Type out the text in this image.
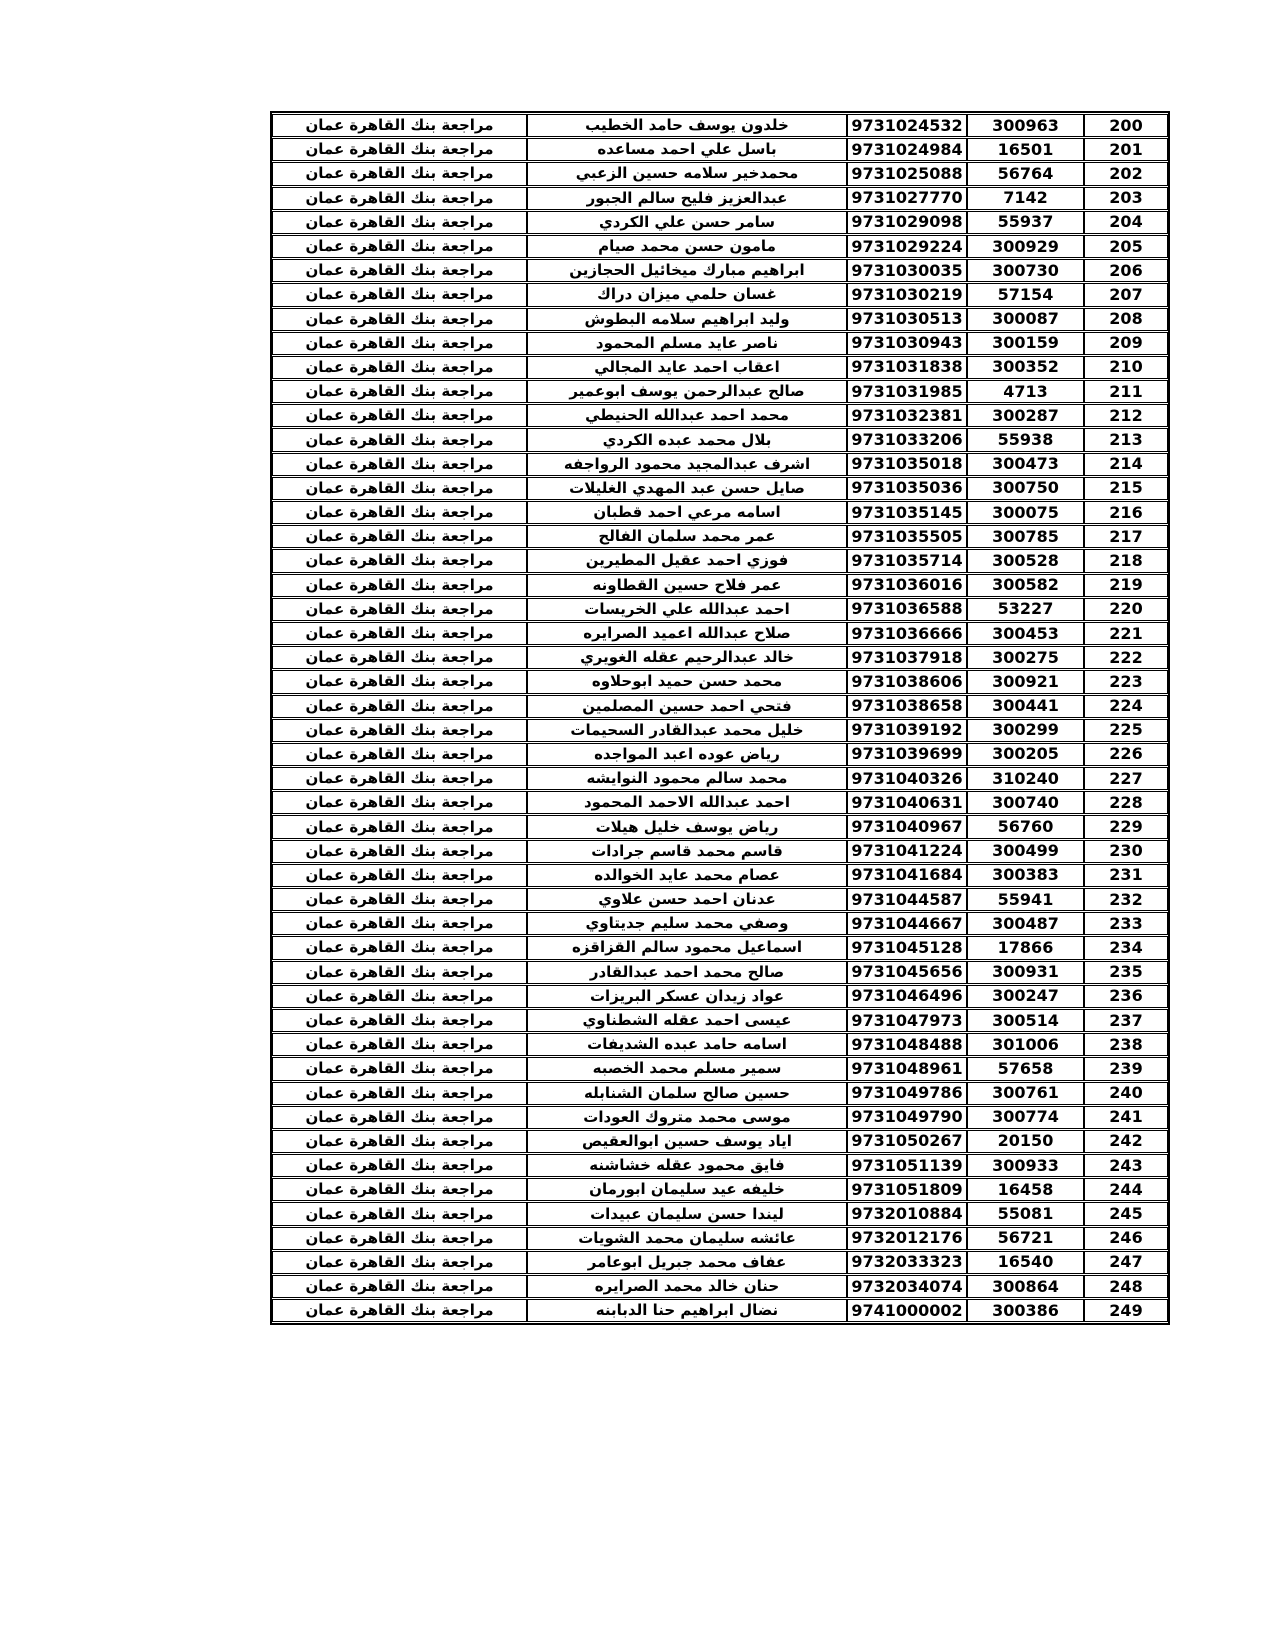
200	300963	9731024532	خلدون يوسف حامد الخطيب	مراجعة بنك القاهرة عمان
201	16501	9731024984	باسل علي احمد مساعده	مراجعة بنك القاهرة عمان
202	56764	9731025088	محمدخير سلامه حسين الزعبي	مراجعة بنك القاهرة عمان
203	7142	9731027770	عبدالعزيز فليح سالم الجبور	مراجعة بنك القاهرة عمان
204	55937	9731029098	سامر حسن علي الكردي	مراجعة بنك القاهرة عمان
205	300929	9731029224	مامون حسن محمد صيام	مراجعة بنك القاهرة عمان
206	300730	9731030035	ابراهيم مبارك ميخائيل الحجازين	مراجعة بنك القاهرة عمان
207	57154	9731030219	غسان حلمي ميزان دراك	مراجعة بنك القاهرة عمان
208	300087	9731030513	وليد ابراهيم سلامه البطوش	مراجعة بنك القاهرة عمان
209	300159	9731030943	ناصر عايد مسلم المحمود	مراجعة بنك القاهرة عمان
210	300352	9731031838	اعقاب احمد عايد المجالي	مراجعة بنك القاهرة عمان
211	4713	9731031985	صالح عبدالرحمن يوسف ابوعمير	مراجعة بنك القاهرة عمان
212	300287	9731032381	محمد احمد عبدالله الحنيطي	مراجعة بنك القاهرة عمان
213	55938	9731033206	بلال محمد عبده الكردي	مراجعة بنك القاهرة عمان
214	300473	9731035018	اشرف عبدالمجيد محمود الرواجفه	مراجعة بنك القاهرة عمان
215	300750	9731035036	صايل حسن عبد المهدي الغليلات	مراجعة بنك القاهرة عمان
216	300075	9731035145	اسامه مرعي احمد قطبان	مراجعة بنك القاهرة عمان
217	300785	9731035505	عمر محمد سلمان الفالح	مراجعة بنك القاهرة عمان
218	300528	9731035714	فوزي احمد عقيل المطيرين	مراجعة بنك القاهرة عمان
219	300582	9731036016	عمر فلاح حسين القطاونه	مراجعة بنك القاهرة عمان
220	53227	9731036588	احمد عبدالله علي الخريسات	مراجعة بنك القاهرة عمان
221	300453	9731036666	صلاح عبدالله اعميد الصرايره	مراجعة بنك القاهرة عمان
222	300275	9731037918	خالد عبدالرحيم عقله الغويري	مراجعة بنك القاهرة عمان
223	300921	9731038606	محمد حسن حميد ابوحلاوه	مراجعة بنك القاهرة عمان
224	300441	9731038658	فتحي احمد حسين المصلمين	مراجعة بنك القاهرة عمان
225	300299	9731039192	خليل محمد عبدالقادر السحيمات	مراجعة بنك القاهرة عمان
226	300205	9731039699	رياض عوده اعبد المواجده	مراجعة بنك القاهرة عمان
227	310240	9731040326	محمد سالم محمود النوايشه	مراجعة بنك القاهرة عمان
228	300740	9731040631	احمد عبدالله الاحمد المحمود	مراجعة بنك القاهرة عمان
229	56760	9731040967	رياض يوسف خليل هيلات	مراجعة بنك القاهرة عمان
230	300499	9731041224	قاسم محمد قاسم جرادات	مراجعة بنك القاهرة عمان
231	300383	9731041684	عصام محمد عايد الخوالده	مراجعة بنك القاهرة عمان
232	55941	9731044587	عدنان احمد حسن علاوي	مراجعة بنك القاهرة عمان
233	300487	9731044667	وصفي محمد سليم جديتاوي	مراجعة بنك القاهرة عمان
234	17866	9731045128	اسماعيل محمود سالم القزاقزه	مراجعة بنك القاهرة عمان
235	300931	9731045656	صالح محمد احمد عبدالقادر	مراجعة بنك القاهرة عمان
236	300247	9731046496	عواد زيدان عسكر البريزات	مراجعة بنك القاهرة عمان
237	300514	9731047973	عيسى احمد عقله الشطناوي	مراجعة بنك القاهرة عمان
238	301006	9731048488	اسامه حامد عبده الشديفات	مراجعة بنك القاهرة عمان
239	57658	9731048961	سمير مسلم محمد الخصبه	مراجعة بنك القاهرة عمان
240	300761	9731049786	حسين صالح سلمان الشنابله	مراجعة بنك القاهرة عمان
241	300774	9731049790	موسى محمد متروك العودات	مراجعة بنك القاهرة عمان
242	20150	9731050267	اياد يوسف حسين ابوالعقيص	مراجعة بنك القاهرة عمان
243	300933	9731051139	فايق محمود عقله خشاشنه	مراجعة بنك القاهرة عمان
244	16458	9731051809	خليفه عيد سليمان ابورمان	مراجعة بنك القاهرة عمان
245	55081	9732010884	ليندا حسن سليمان عبيدات	مراجعة بنك القاهرة عمان
246	56721	9732012176	عائشه سليمان محمد الشويات	مراجعة بنك القاهرة عمان
247	16540	9732033323	عفاف محمد جبريل ابوعامر	مراجعة بنك القاهرة عمان
248	300864	9732034074	حنان خالد محمد الصرايره	مراجعة بنك القاهرة عمان
249	300386	9741000002	نضال ابراهيم حنا الدبابنه	مراجعة بنك القاهرة عمان
